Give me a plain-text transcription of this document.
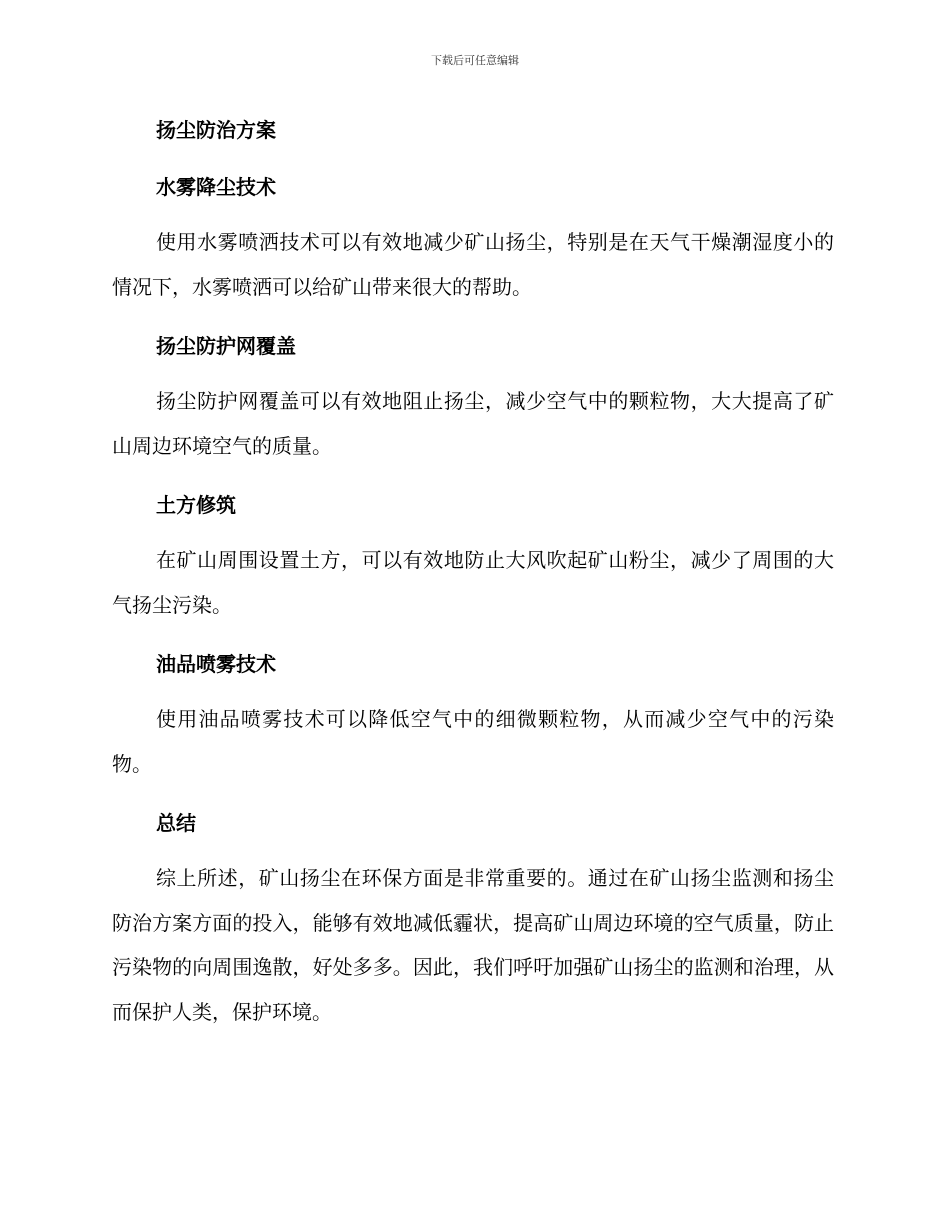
下载后可任意编辑
扬尘防治方案
水雾降尘技术

使用水雾喷洒技术可以有效地减少矿山扬尘，特别是在天气干燥潮湿度小的情况下，水雾喷洒可以给矿山带来很大的帮助。

扬尘防护网覆盖

扬尘防护网覆盖可以有效地阻止扬尘，减少空气中的颗粒物，大大提高了矿山周边环境空气的质量。

土方修筑

在矿山周围设置土方，可以有效地防止大风吹起矿山粉尘，减少了周围的大气扬尘污染。

油品喷雾技术

使用油品喷雾技术可以降低空气中的细微颗粒物，从而减少空气中的污染物。

总结

综上所述，矿山扬尘在环保方面是非常重要的。通过在矿山扬尘监测和扬尘防治方案方面的投入，能够有效地减低霾状，提高矿山周边环境的空气质量，防止污染物的向周围逸散，好处多多。因此，我们呼吁加强矿山扬尘的监测和治理，从而保护人类，保护环境。
